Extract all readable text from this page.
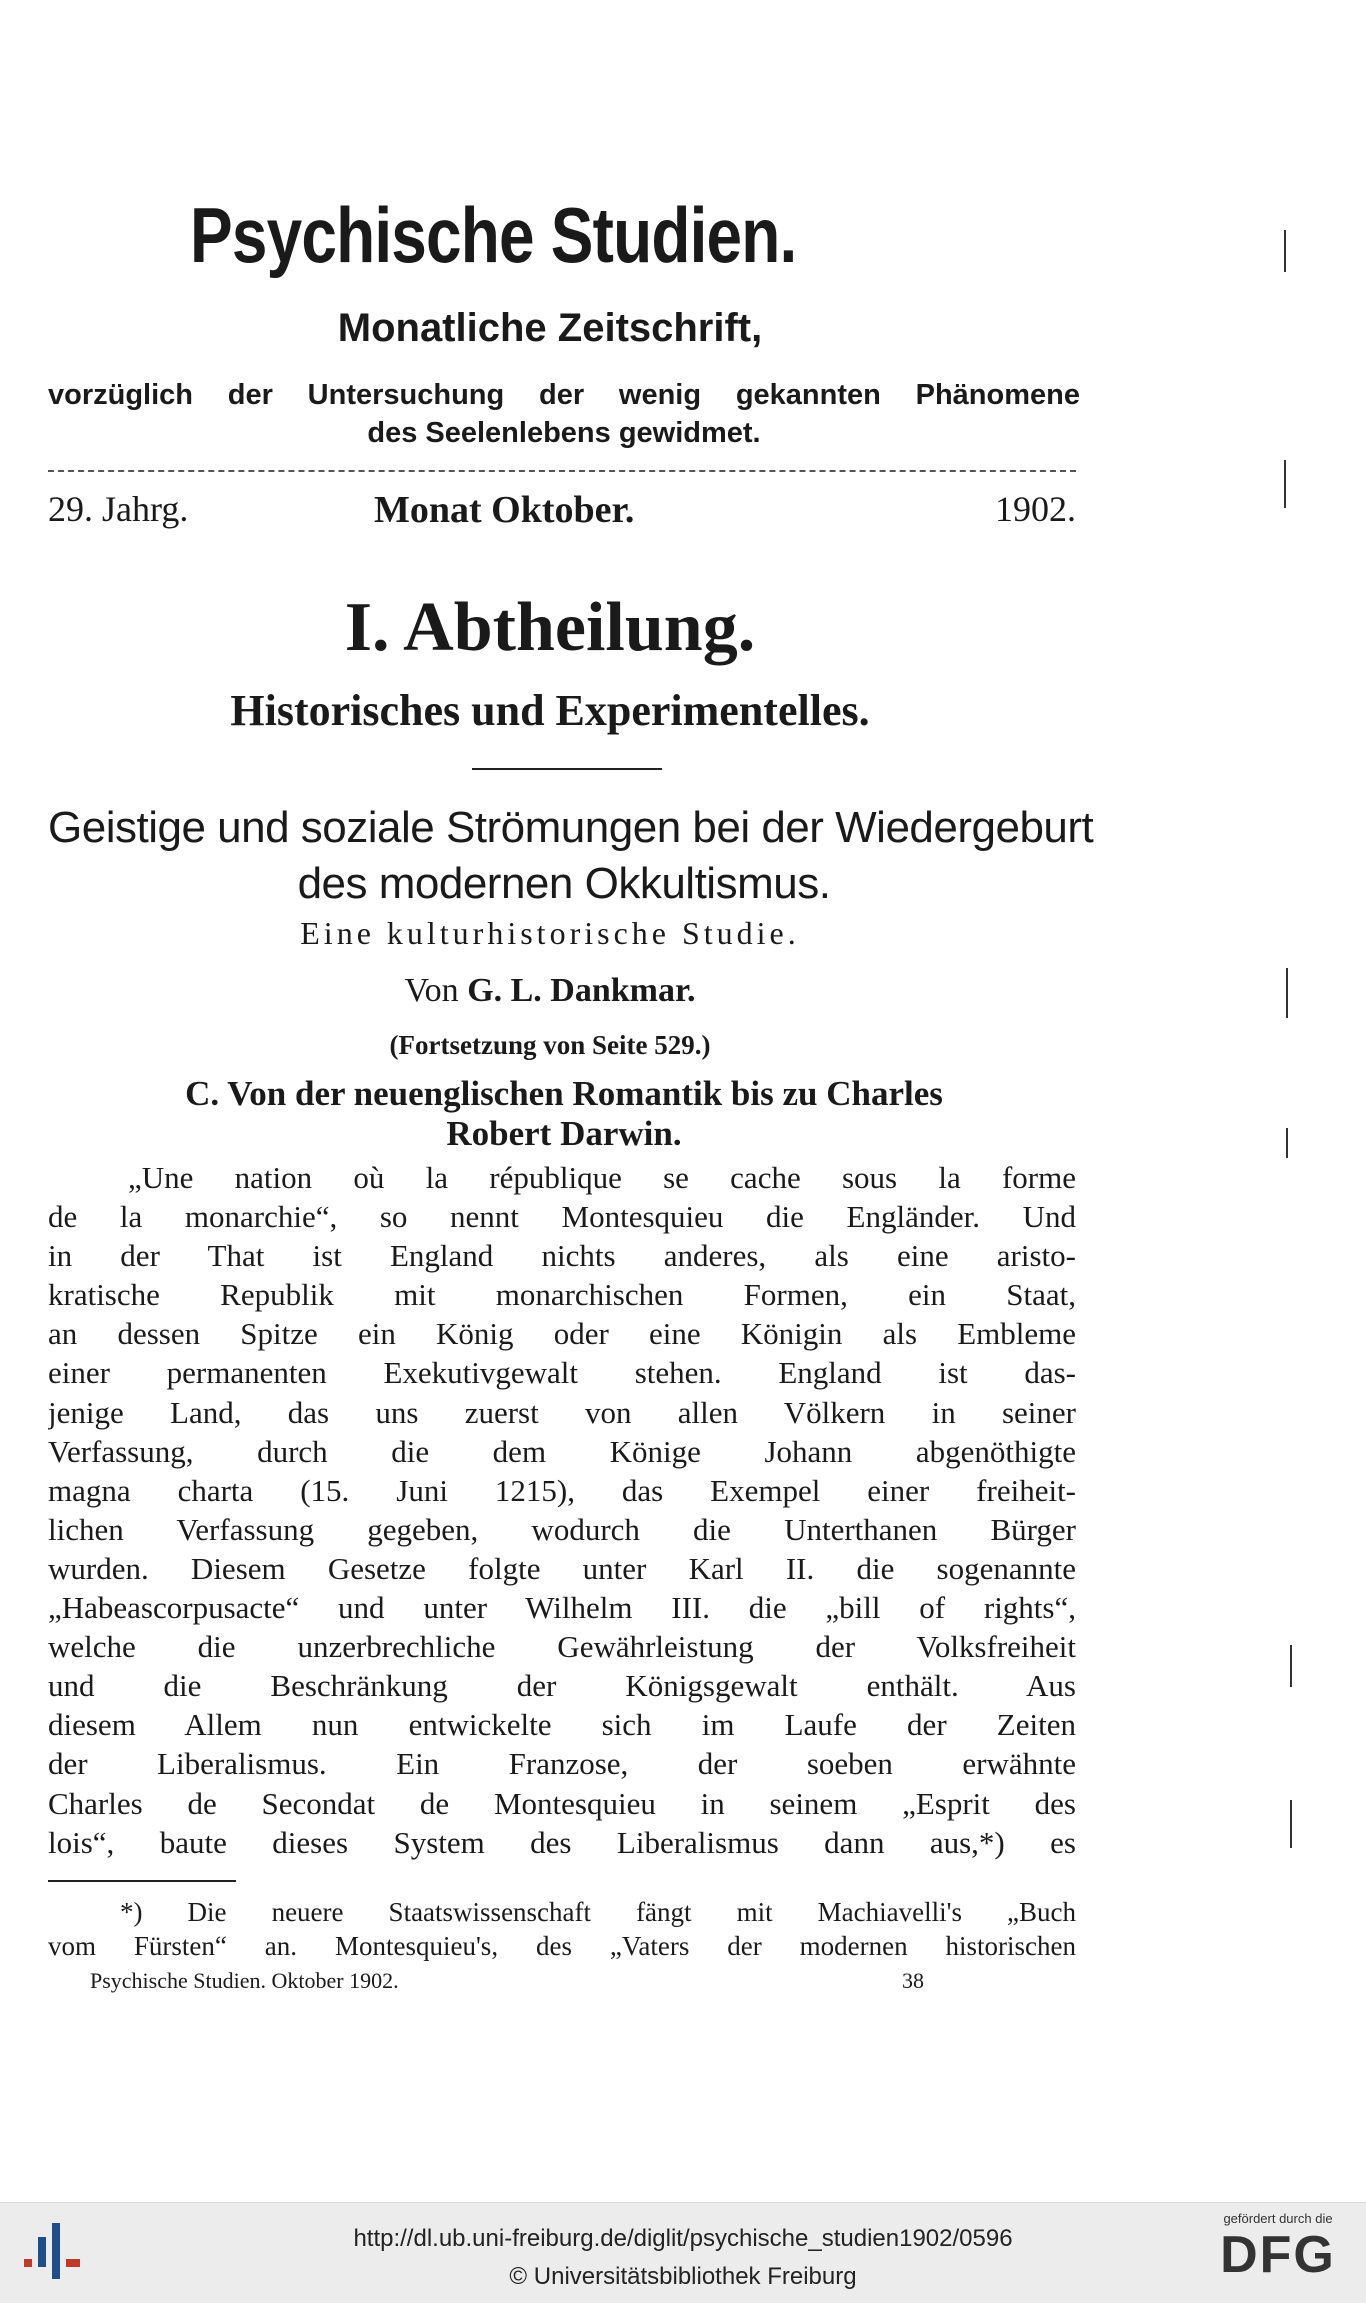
Psychische Studien.
Monatliche Zeitschrift,
vorzüglich der Untersuchung der wenig gekannten Phänomene
des Seelenlebens gewidmet.
29. Jahrg.	Monat Oktober.	1902.
I. Abtheilung.
Historisches und Experimentelles.
Geistige und soziale Strömungen bei der Wiedergeburt
des modernen Okkultismus.
Eine kulturhistorische Studie.
Von G. L. Dankmar.
(Fortsetzung von Seite 529.)
C. Von der neuenglischen Romantik bis zu Charles
Robert Darwin.
„Une nation où la république se cache sous la forme
de la monarchie“, so nennt Montesquieu die Engländer. Und
in der That ist England nichts anderes, als eine aristo-
kratische Republik mit monarchischen Formen, ein Staat,
an dessen Spitze ein König oder eine Königin als Embleme
einer permanenten Exekutivgewalt stehen. England ist das-
jenige Land, das uns zuerst von allen Völkern in seiner
Verfassung, durch die dem Könige Johann abgenöthigte
magna charta (15. Juni 1215), das Exempel einer freiheit-
lichen Verfassung gegeben, wodurch die Unterthanen Bürger
wurden. Diesem Gesetze folgte unter Karl II. die sogenannte
„Habeascorpusacte“ und unter Wilhelm III. die „bill of rights“,
welche die unzerbrechliche Gewährleistung der Volksfreiheit
und die Beschränkung der Königsgewalt enthält. Aus
diesem Allem nun entwickelte sich im Laufe der Zeiten
der Liberalismus. Ein Franzose, der soeben erwähnte
Charles de Secondat de Montesquieu in seinem „Esprit des
lois“, baute dieses System des Liberalismus dann aus,*) es
*) Die neuere Staatswissenschaft fängt mit Machiavelli's „Buch
vom Fürsten“ an. Montesquieu's, des „Vaters der modernen historischen
Psychische Studien. Oktober 1902.	38
http://dl.ub.uni-freiburg.de/diglit/psychische_studien1902/0596
© Universitätsbibliothek Freiburg
gefördert durch die
DFG
